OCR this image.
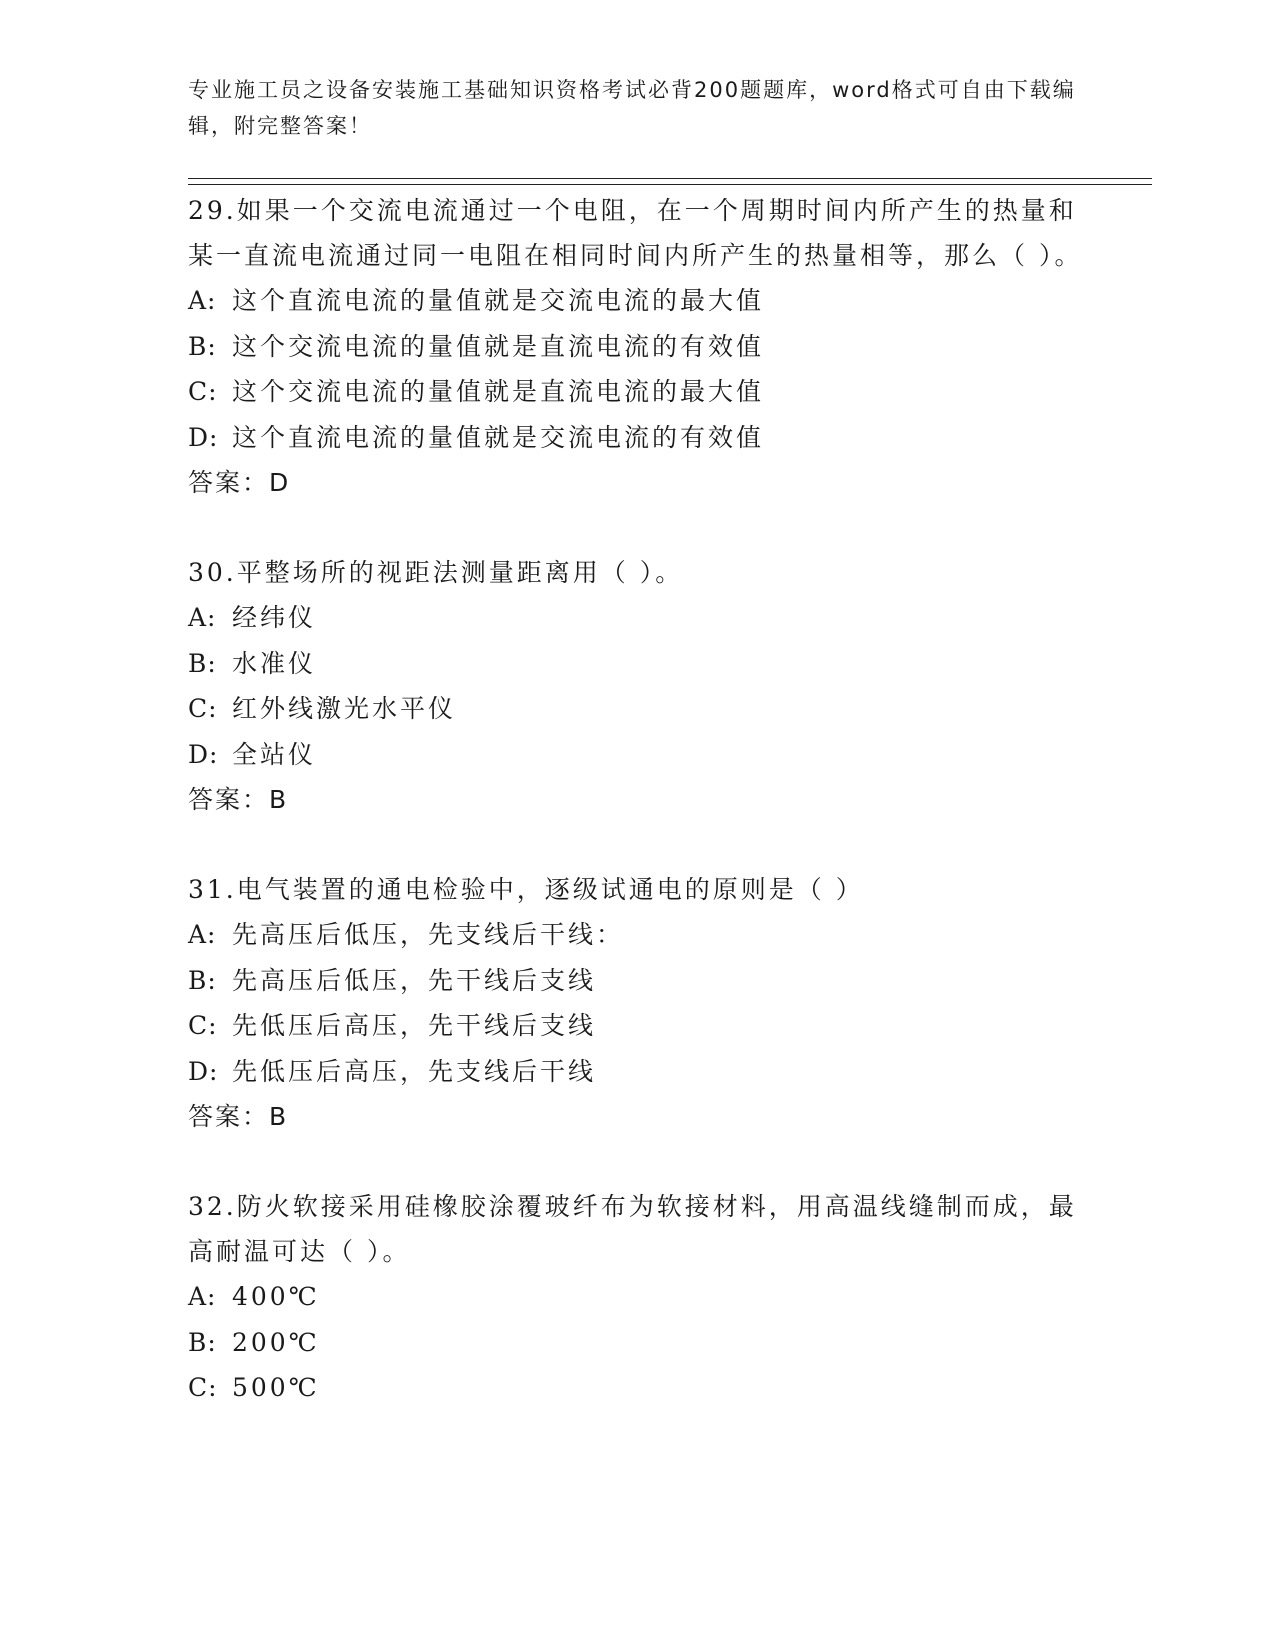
专业施工员之设备安装施工基础知识资格考试必背200题题库，word格式可自由下载编辑，附完整答案！

29.如果一个交流电流通过一个电阻，在一个周期时间内所产生的热量和某一直流电流通过同一电阻在相同时间内所产生的热量相等，那么（ ）。

A: 这个直流电流的量值就是交流电流的最大值

B: 这个交流电流的量值就是直流电流的有效值

C: 这个交流电流的量值就是直流电流的最大值

D: 这个直流电流的量值就是交流电流的有效值

答案：D

30.平整场所的视距法测量距离用（ ）。

A: 经纬仪

B: 水准仪

C: 红外线激光水平仪

D: 全站仪

答案：B

31.电气装置的通电检验中，逐级试通电的原则是（ ）

A: 先高压后低压，先支线后干线：

B: 先高压后低压，先干线后支线

C: 先低压后高压，先干线后支线

D: 先低压后高压，先支线后干线

答案：B

32.防火软接采用硅橡胶涂覆玻纤布为软接材料，用高温线缝制而成，最高耐温可达（ ）。

A: 400℃

B: 200℃

C: 500℃
